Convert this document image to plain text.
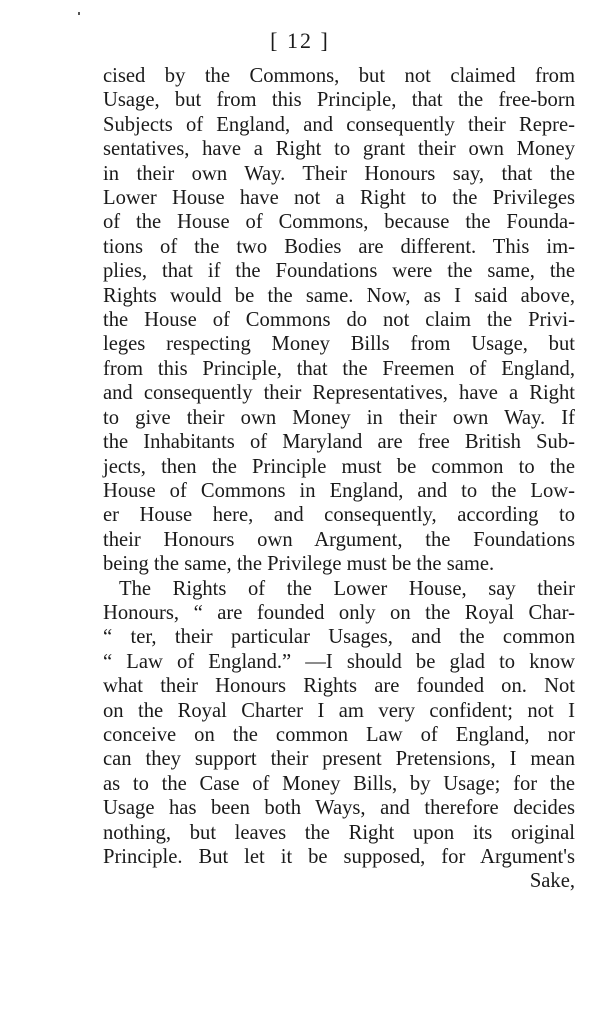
[ 12 ]
cised by the Commons, but not claimed from
Usage, but from this Principle, that the free-born
Subjects of England, and consequently their Repre-
sentatives, have a Right to grant their own Money
in their own Way. Their Honours say, that the
Lower House have not a Right to the Privileges
of the House of Commons, because the Founda-
tions of the two Bodies are different. This im-
plies, that if the Foundations were the same, the
Rights would be the same. Now, as I said above,
the House of Commons do not claim the Privi-
leges respecting Money Bills from Usage, but
from this Principle, that the Freemen of England,
and consequently their Representatives, have a Right
to give their own Money in their own Way. If
the Inhabitants of Maryland are free British Sub-
jects, then the Principle must be common to the
House of Commons in England, and to the Low-
er House here, and consequently, according to
their Honours own Argument, the Foundations
being the same, the Privilege must be the same.
The Rights of the Lower House, say their
Honours, “ are founded only on the Royal Char-
“ ter, their particular Usages, and the common
“ Law of England.” —I should be glad to know
what their Honours Rights are founded on. Not
on the Royal Charter I am very confident; not I
conceive on the common Law of England, nor
can they support their present Pretensions, I mean
as to the Case of Money Bills, by Usage; for the
Usage has been both Ways, and therefore decides
nothing, but leaves the Right upon its original
Principle. But let it be supposed, for Argument's
Sake,
